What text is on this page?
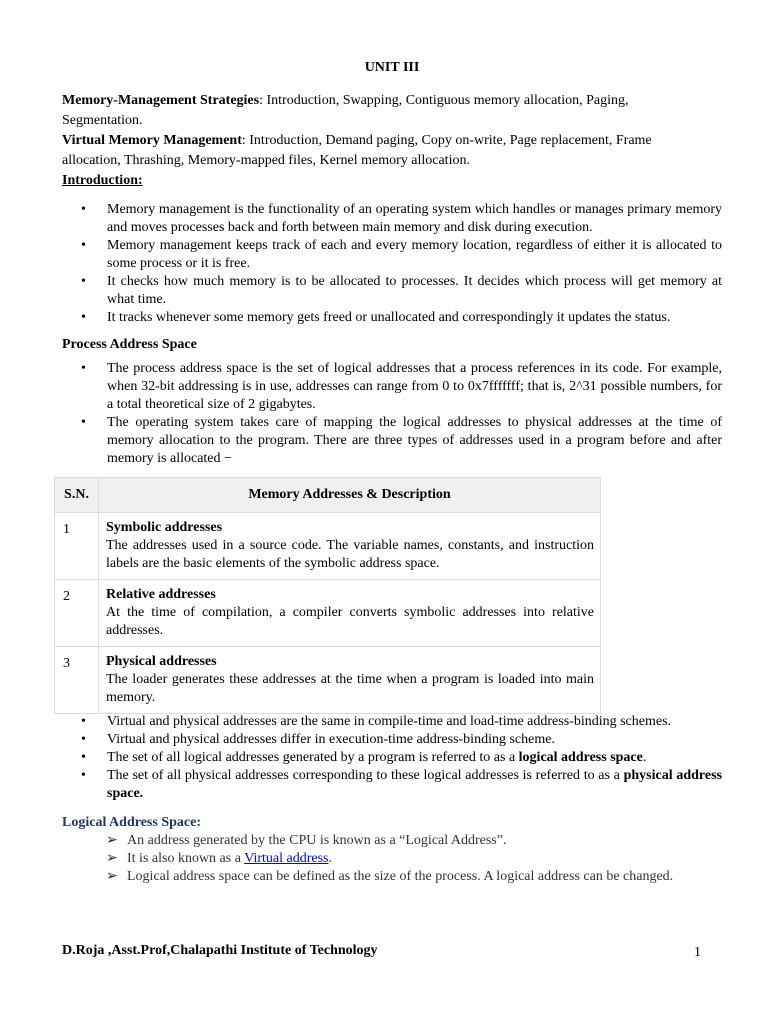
UNIT III

Memory-Management Strategies: Introduction, Swapping, Contiguous memory allocation, Paging, Segmentation.

Virtual Memory Management: Introduction, Demand paging, Copy on-write, Page replacement, Frame allocation, Thrashing, Memory-mapped files, Kernel memory allocation.

Introduction:

• Memory management is the functionality of an operating system which handles or manages primary memory and moves processes back and forth between main memory and disk during execution.
• Memory management keeps track of each and every memory location, regardless of either it is allocated to some process or it is free.
• It checks how much memory is to be allocated to processes. It decides which process will get memory at what time.
• It tracks whenever some memory gets freed or unallocated and correspondingly it updates the status.
Process Address Space
• The process address space is the set of logical addresses that a process references in its code. For example, when 32-bit addressing is in use, addresses can range from 0 to 0x7fffffff; that is, 2^31 possible numbers, for a total theoretical size of 2 gigabytes.
• The operating system takes care of mapping the logical addresses to physical addresses at the time of memory allocation to the program. There are three types of addresses used in a program before and after memory is allocated −
S.N.	Memory Addresses & Description
1	Symbolic addresses
The addresses used in a source code. The variable names, constants, and instruction labels are the basic elements of the symbolic address space.
2	Relative addresses
At the time of compilation, a compiler converts symbolic addresses into relative addresses.
3	Physical addresses
The loader generates these addresses at the time when a program is loaded into main memory.
• Virtual and physical addresses are the same in compile-time and load-time address-binding schemes.
• Virtual and physical addresses differ in execution-time address-binding scheme.
• The set of all logical addresses generated by a program is referred to as a logical address space.
• The set of all physical addresses corresponding to these logical addresses is referred to as a physical address space.
Logical Address Space:
➢ An address generated by the CPU is known as a “Logical Address”.
➢ It is also known as a Virtual address.
➢ Logical address space can be defined as the size of the process. A logical address can be changed.
D.Roja ,Asst.Prof,Chalapathi Institute of Technology	1
